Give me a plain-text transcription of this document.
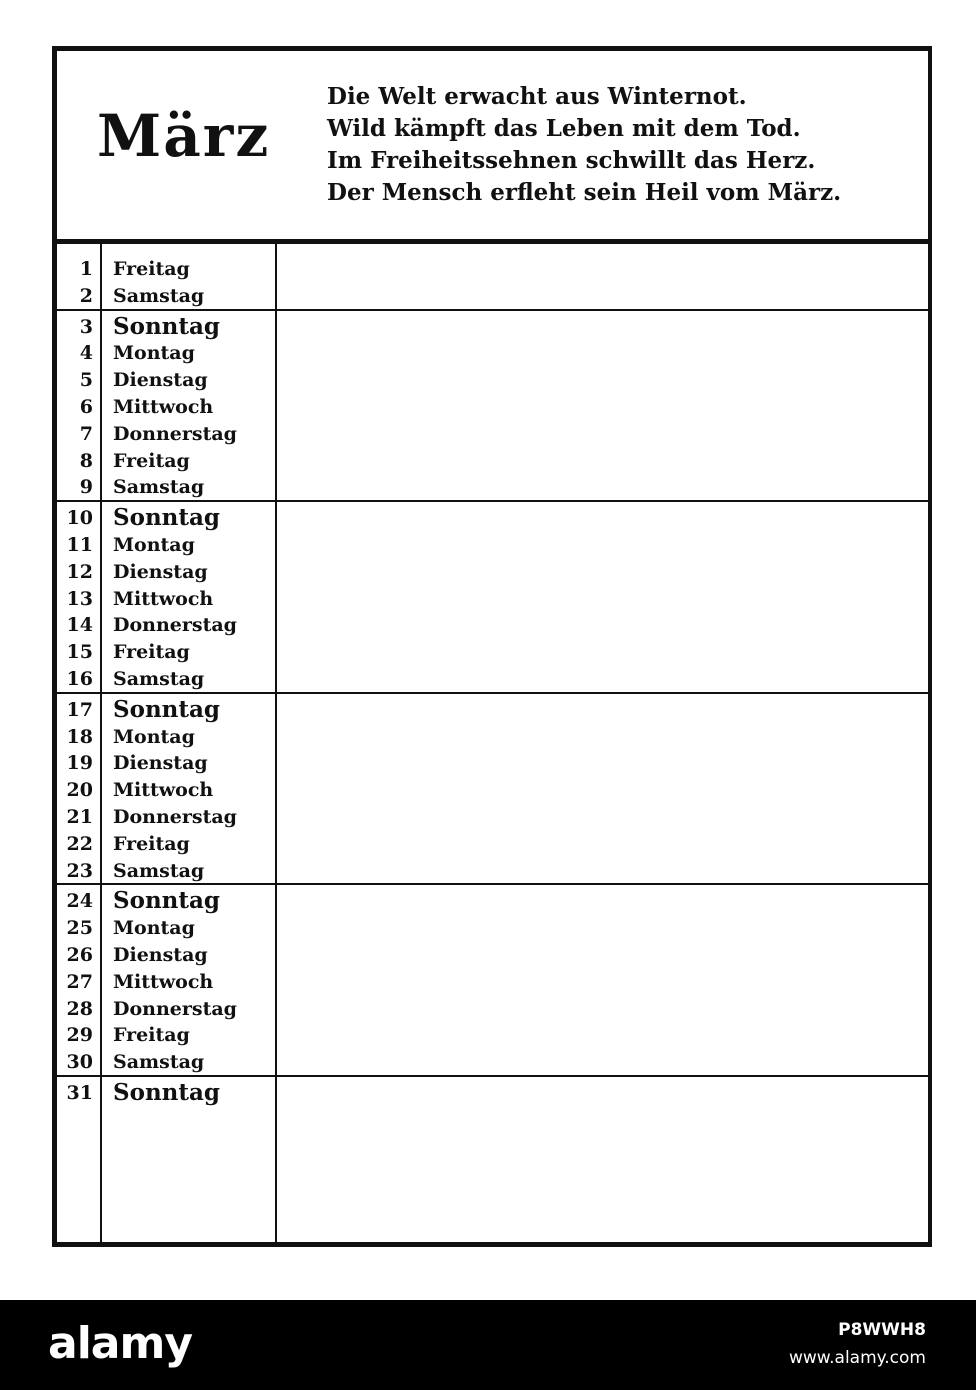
März
Die Welt erwacht aus Winternot.
Wild kämpft das Leben mit dem Tod.
Im Freiheitssehnen schwillt das Herz.
Der Mensch erfleht sein Heil vom März.
1 Freitag
2 Samstag
3 Sonntag
4 Montag
5 Dienstag
6 Mittwoch
7 Donnerstag
8 Freitag
9 Samstag
10 Sonntag
11 Montag
12 Dienstag
13 Mittwoch
14 Donnerstag
15 Freitag
16 Samstag
17 Sonntag
18 Montag
19 Dienstag
20 Mittwoch
21 Donnerstag
22 Freitag
23 Samstag
24 Sonntag
25 Montag
26 Dienstag
27 Mittwoch
28 Donnerstag
29 Freitag
30 Samstag
31 Sonntag
alamy	P8WWH8
www.alamy.com
